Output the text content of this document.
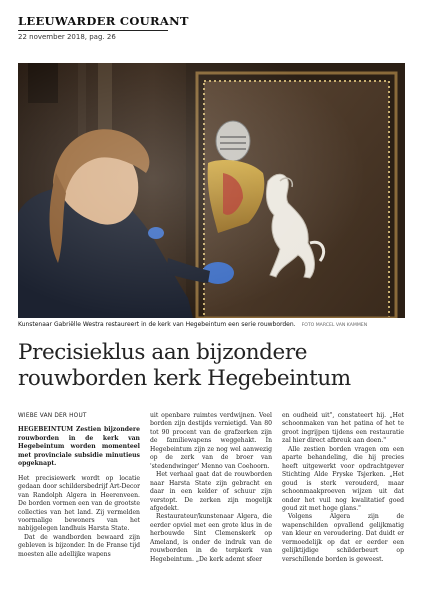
LEEUWARDER COURANT
22 november 2018, pag. 26
Kunstenaar Gabriëlle Westra restaureert in de kerk van Hegebeintum een serie rouwborden. FOTO MARCEL VAN KAMMEN
Precisieklus aan bijzondere
rouwborden kerk Hegebeintum
WIEBE VAN DER HOUT

HEGEBEINTUM Zestien bijzondere rouwborden in de kerk van Hegebeintum worden momenteel met provinciale subsidie minutieus opgeknapt.

Het precisiewerk wordt op locatie gedaan door schildersbedrijf Art-Decor van Randolph Algera in Heerenveen. De borden vormen een van de grootste collecties van het land. Zij vermelden voormalige bewoners van het nabijgelegen landhuis Harsta State.

Dat de wandborden bewaard zijn gebleven is bijzonder. In de Franse tijd moesten alle adellijke wapens

uit openbare ruimtes verdwijnen. Veel borden zijn destijds vernietigd. Van 80 tot 90 procent van de grafzerken zijn de familiewapens weggehakt. In Hegebeintum zijn ze nog wel aanwezig op de zerk van de broer van 'stedendwinger' Menno van Coehoorn.

Het verhaal gaat dat de rouwborden naar Harsta State zijn gebracht en daar in een kelder of schuur zijn verstopt. De zerken zijn mogelijk afgedekt.

Restaurateur/kunstenaar Algera, die eerder opviel met een grote klus in de herbouwde Sint Clemenskerk op Ameland, is onder de indruk van de rouwborden in de terpkerk van Hegebeintum. „De kerk ademt sfeer

en oudheid uit", constateert hij. „Het schoonmaken van het patina of het te groot ingrijpen tijdens een restauratie zal hier direct afbreuk aan doen."

Alle zestien borden vragen om een aparte behandeling, die hij precies heeft uitgewerkt voor opdrachtgever Stichting Alde Fryske Tsjerken. „Het goud is sterk verouderd, maar schoonmaakproeven wijzen uit dat onder het vuil nog kwalitatief goed goud zit met hoge glans."

Volgens Algera zijn de wapenschilden opvallend gelijkmatig van kleur en veroudering. Dat duidt er vermoedelijk op dat er eerder een gelijktijdige schilderbeurt op verschillende borden is geweest.
